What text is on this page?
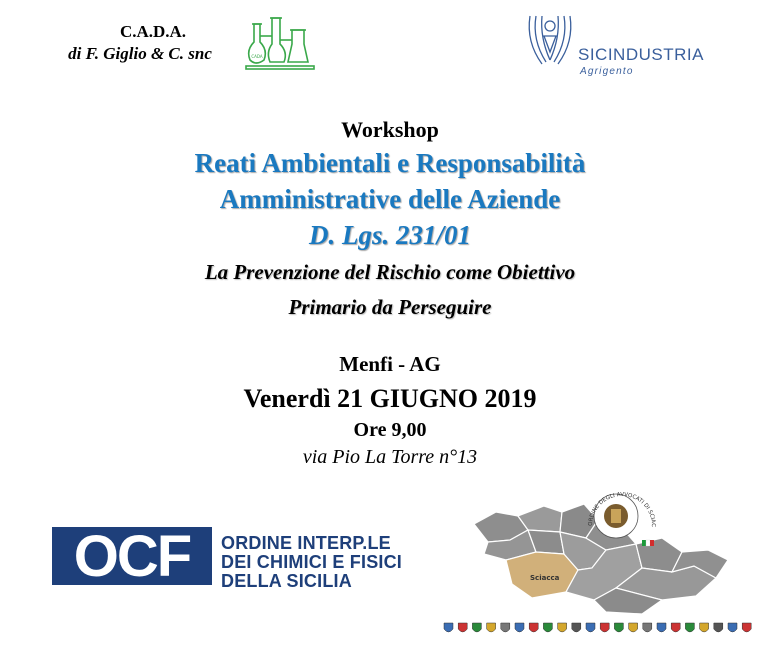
C.A.D.A.
di F. Giglio & C. snc	CADA	SICINDUSTRIA
Agrigento
Workshop
Reati Ambientali e Responsabilità
Amministrative delle Aziende
D. Lgs. 231/01
La Prevenzione del Rischio come Obiettivo
Primario da Perseguire
Menfi - AG
Venerdì 21 GIUGNO 2019
Ore 9,00
via Pio La Torre n°13
OCF ORDINE INTERP.LE
DEI CHIMICI E FISICI
DELLA SICILIA	Sciacca
ORDINE DEGLI AVVOCATI DI SCIAC
